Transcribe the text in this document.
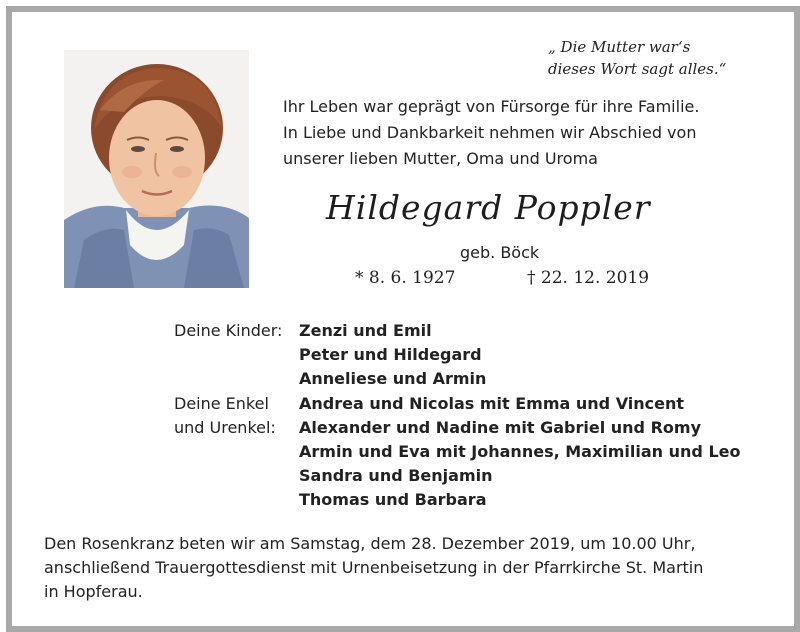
„ Die Mutter war‘s
dieses Wort sagt alles.“
Ihr Leben war geprägt von Fürsorge für ihre Familie.
In Liebe und Dankbarkeit nehmen wir Abschied von
unserer lieben Mutter, Oma und Uroma
Hildegard Poppler
geb. Böck
* 8. 6. 1927	† 22. 12. 2019
Deine Kinder: Zenzi und Emil
Peter und Hildegard
Anneliese und Armin
Deine Enkel
und Urenkel:
Andrea und Nicolas mit Emma und Vincent
Alexander und Nadine mit Gabriel und Romy
Armin und Eva mit Johannes, Maximilian und Leo
Sandra und Benjamin
Thomas und Barbara
Den Rosenkranz beten wir am Samstag, dem 28. Dezember 2019, um 10.00 Uhr,
anschließend Trauergottesdienst mit Urnenbeisetzung in der Pfarrkirche St. Martin
in Hopferau.
